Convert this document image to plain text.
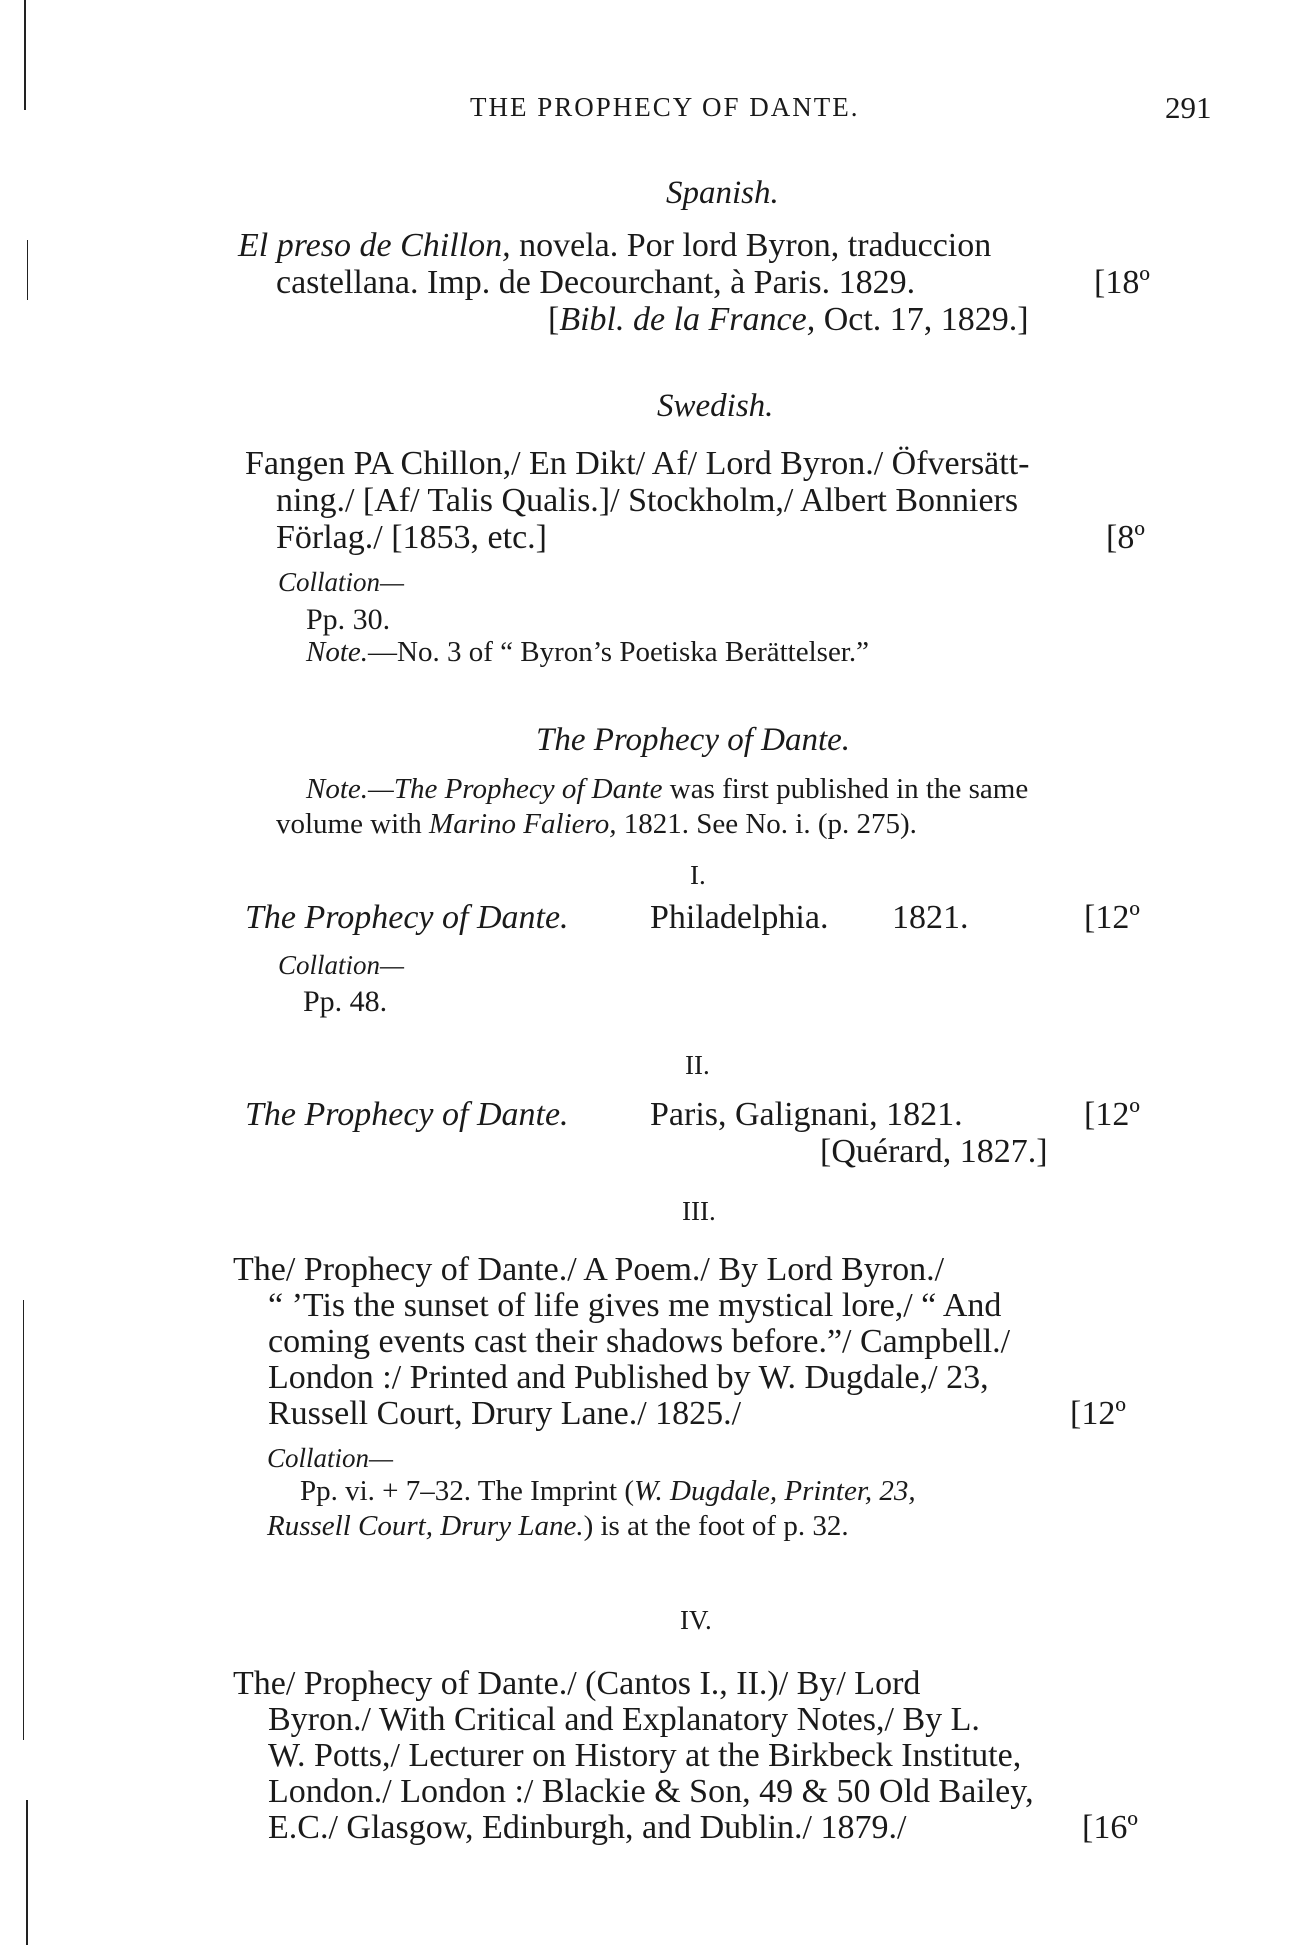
THE PROPHECY OF DANTE.	291
Spanish.
El preso de Chillon, novela. Por lord Byron, traduccion
castellana. Imp. de Decourchant, à Paris. 1829.	[18º
[Bibl. de la France, Oct. 17, 1829.]
Swedish.
Fangen PA Chillon,/ En Dikt/ Af/ Lord Byron./ Öfversätt-
ning./ [Af/ Talis Qualis.]/ Stockholm,/ Albert Bonniers
Förlag./ [1853, etc.]	[8º
Collation—
Pp. 30.
Note.—No. 3 of “ Byron’s Poetiska Berättelser.”
The Prophecy of Dante.
Note.—The Prophecy of Dante was first published in the same
volume with Marino Faliero, 1821. See No. i. (p. 275).
I.
The Prophecy of Dante. Philadelphia. 1821.	[12º
Collation—
Pp. 48.
II.
The Prophecy of Dante. Paris, Galignani, 1821.	[12º
[Quérard, 1827.]
III.
The/ Prophecy of Dante./ A Poem./ By Lord Byron./
“ ’Tis the sunset of life gives me mystical lore,/ “ And
coming events cast their shadows before.”/ Campbell./
London :/ Printed and Published by W. Dugdale,/ 23,
Russell Court, Drury Lane./ 1825./	[12º
Collation—
Pp. vi. + 7–32. The Imprint (W. Dugdale, Printer, 23,
Russell Court, Drury Lane.) is at the foot of p. 32.
IV.
The/ Prophecy of Dante./ (Cantos I., II.)/ By/ Lord
Byron./ With Critical and Explanatory Notes,/ By L.
W. Potts,/ Lecturer on History at the Birkbeck Institute,
London./ London :/ Blackie & Son, 49 & 50 Old Bailey,
E.C./ Glasgow, Edinburgh, and Dublin./ 1879./	[16º
